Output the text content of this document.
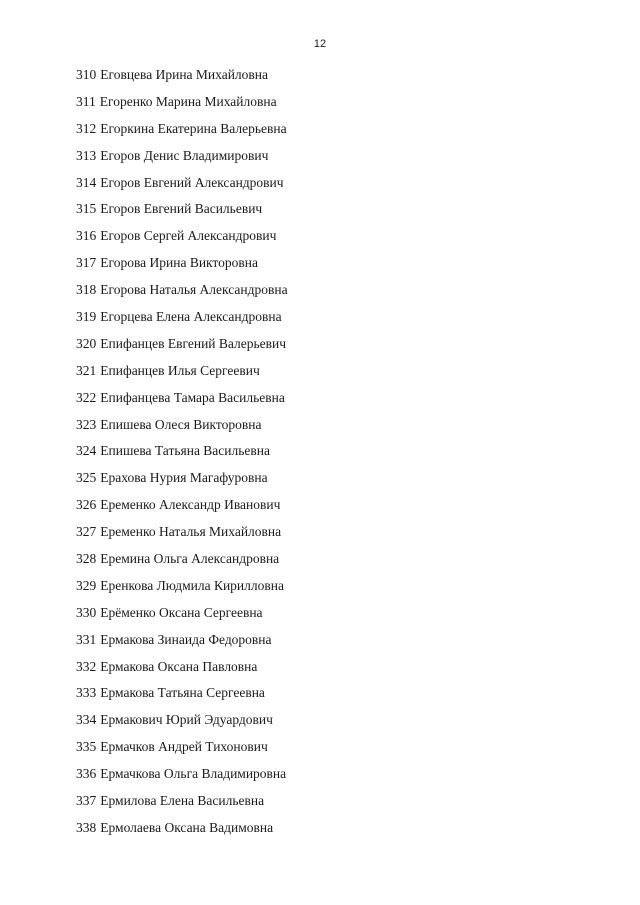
12
310 Еговцева Ирина Михайловна
311 Егоренко Марина Михайловна
312 Егоркина Екатерина Валерьевна
313 Егоров Денис Владимирович
314 Егоров Евгений Александрович
315 Егоров Евгений Васильевич
316 Егоров Сергей Александрович
317 Егорова Ирина Викторовна
318 Егорова Наталья Александровна
319 Егорцева Елена Александровна
320 Епифанцев Евгений Валерьевич
321 Епифанцев Илья Сергеевич
322 Епифанцева Тамара Васильевна
323 Епишева Олеся Викторовна
324 Епишева Татьяна Васильевна
325 Ерахова Нурия Магафуровна
326 Еременко Александр Иванович
327 Еременко Наталья Михайловна
328 Еремина Ольга Александровна
329 Еренкова Людмила Кирилловна
330 Ерёменко Оксана Сергеевна
331 Ермакова Зинаида Федоровна
332 Ермакова Оксана Павловна
333 Ермакова Татьяна Сергеевна
334 Ермакович Юрий Эдуардович
335 Ермачков Андрей Тихонович
336 Ермачкова Ольга Владимировна
337 Ермилова Елена Васильевна
338 Ермолаева Оксана Вадимовна
